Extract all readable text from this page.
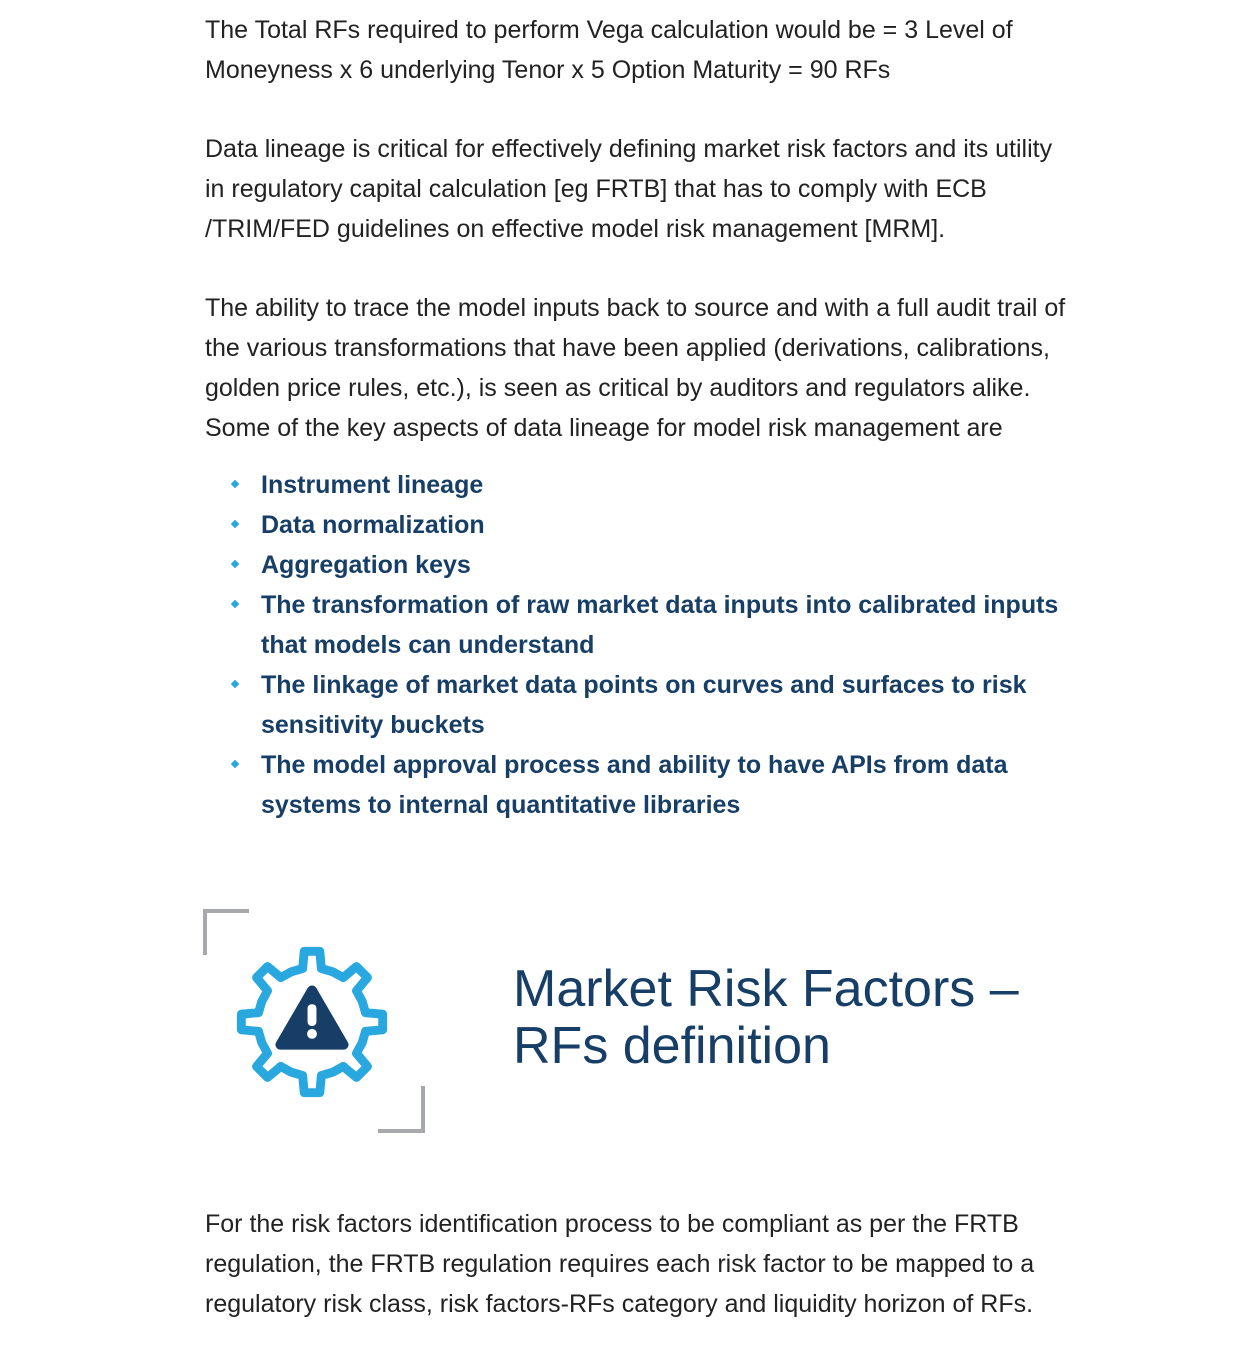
The Total RFs required to perform Vega calculation would be = 3 Level of Moneyness x 6 underlying Tenor x 5 Option Maturity = 90 RFs

Data lineage is critical for effectively defining market risk factors and its utility in regulatory capital calculation [eg FRTB] that has to comply with ECB /TRIM/FED guidelines on effective model risk management [MRM].

The ability to trace the model inputs back to source and with a full audit trail of the various transformations that have been applied (derivations, calibrations, golden price rules, etc.), is seen as critical by auditors and regulators alike. Some of the key aspects of data lineage for model risk management are

Instrument lineage
Data normalization
Aggregation keys
The transformation of raw market data inputs into calibrated inputs that models can understand
The linkage of market data points on curves and surfaces to risk sensitivity buckets
The model approval process and ability to have APIs from data systems to internal quantitative libraries
Market Risk Factors –
RFs definition

For the risk factors identification process to be compliant as per the FRTB regulation, the FRTB regulation requires each risk factor to be mapped to a regulatory risk class, risk factors-RFs category and liquidity horizon of RFs.
